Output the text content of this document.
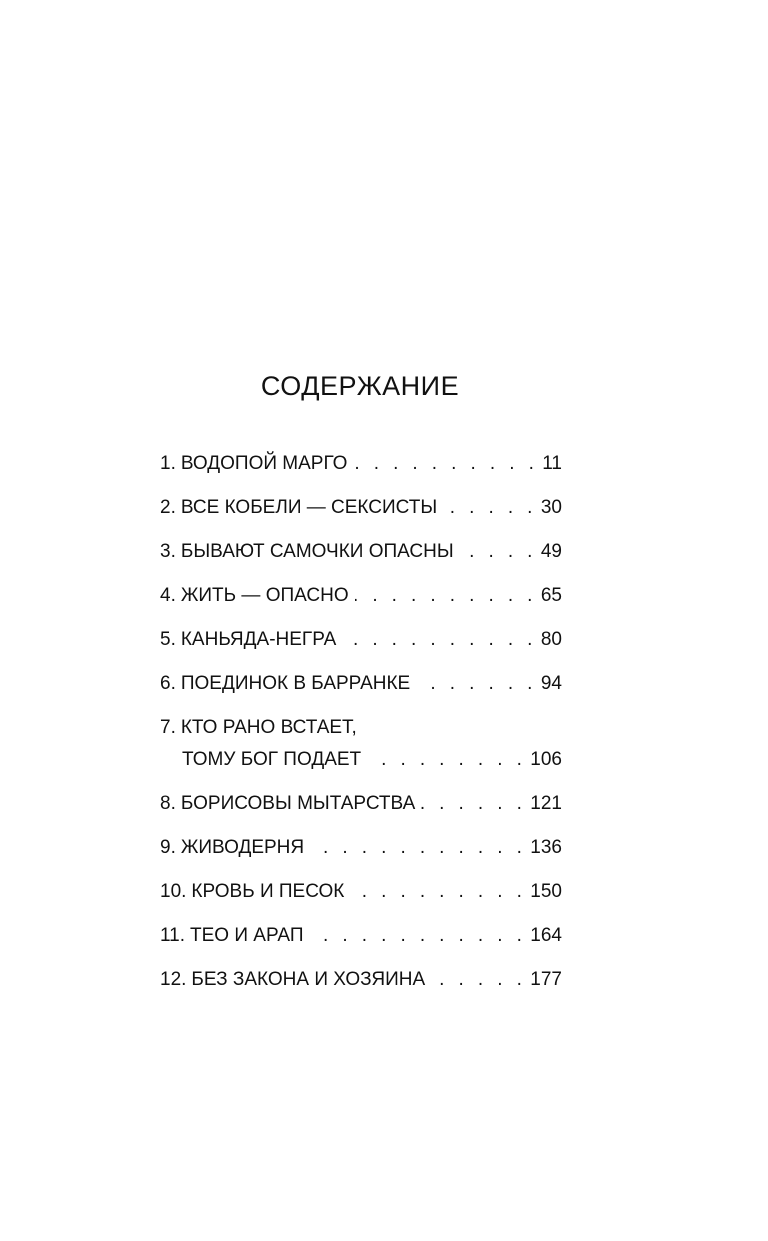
СОДЕРЖАНИЕ
1. ВОДОПОЙ МАРГО . . .	11
2. ВСЕ КОБЕЛИ — СЕКСИСТЫ . . .	30
3. БЫВАЮТ САМОЧКИ ОПАСНЫ . . .	49
4. ЖИТЬ — ОПАСНО . . .	65
5. КАНЬЯДА-НЕГРА . . .	80
6. ПОЕДИНОК В БАРРАНКЕ . . .	94
7. КТО РАНО ВСТАЕТ,
ТОМУ БОГ ПОДАЕТ . . .	106
8. БОРИСОВЫ МЫТАРСТВА . . .	121
9. ЖИВОДЕРНЯ . . .	136
10. КРОВЬ И ПЕСОК . . .	150
11. ТЕО И АРАП . . .	164
12. БЕЗ ЗАКОНА И ХОЗЯИНА . . .	177
